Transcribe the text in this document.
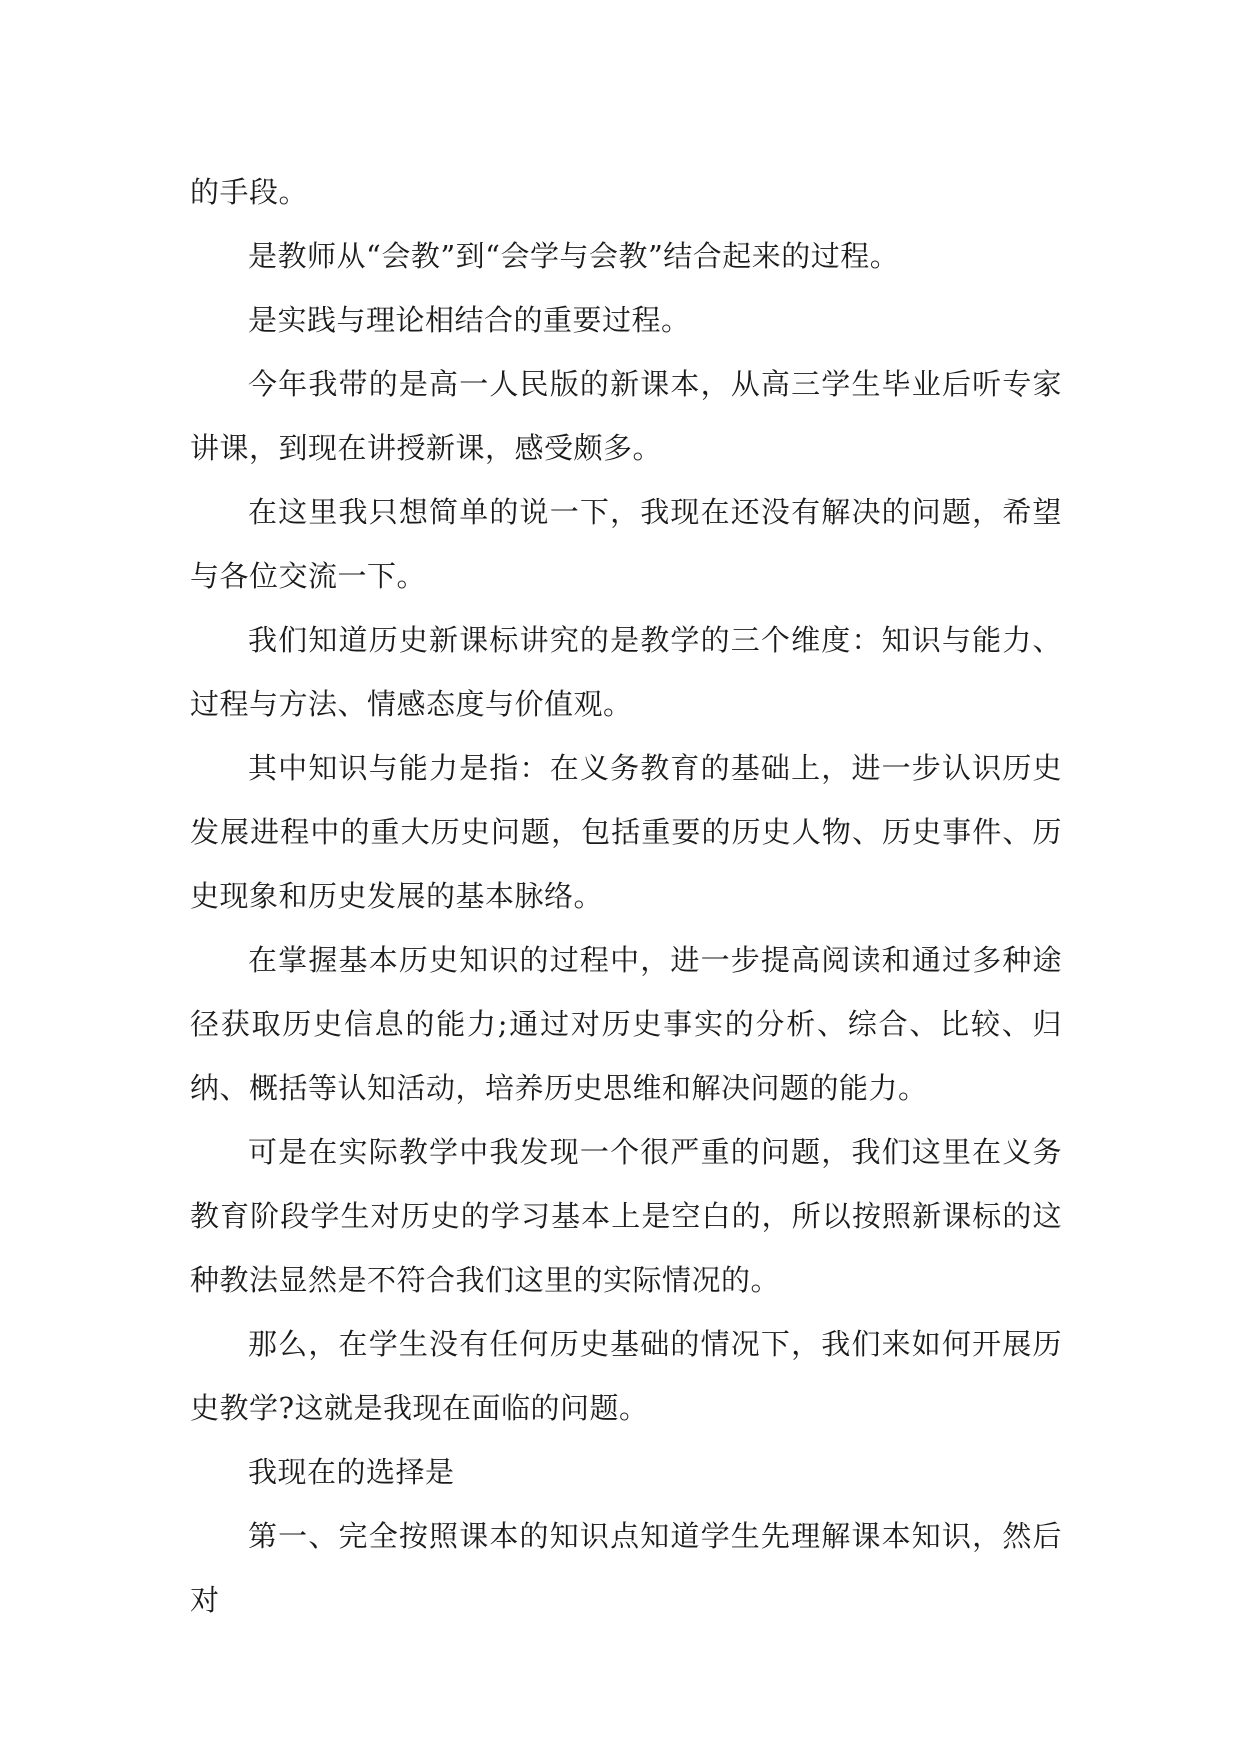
的手段。

是教师从“会教”到“会学与会教”结合起来的过程。

是实践与理论相结合的重要过程。

今年我带的是高一人民版的新课本，从高三学生毕业后听专家讲课，到现在讲授新课，感受颇多。

在这里我只想简单的说一下，我现在还没有解决的问题，希望与各位交流一下。

我们知道历史新课标讲究的是教学的三个维度：知识与能力、过程与方法、情感态度与价值观。

其中知识与能力是指：在义务教育的基础上，进一步认识历史发展进程中的重大历史问题，包括重要的历史人物、历史事件、历史现象和历史发展的基本脉络。

在掌握基本历史知识的过程中，进一步提高阅读和通过多种途径获取历史信息的能力;通过对历史事实的分析、综合、比较、归纳、概括等认知活动，培养历史思维和解决问题的能力。

可是在实际教学中我发现一个很严重的问题，我们这里在义务教育阶段学生对历史的学习基本上是空白的，所以按照新课标的这种教法显然是不符合我们这里的实际情况的。

那么，在学生没有任何历史基础的情况下，我们来如何开展历史教学?这就是我现在面临的问题。

我现在的选择是

第一、完全按照课本的知识点知道学生先理解课本知识，然后对
